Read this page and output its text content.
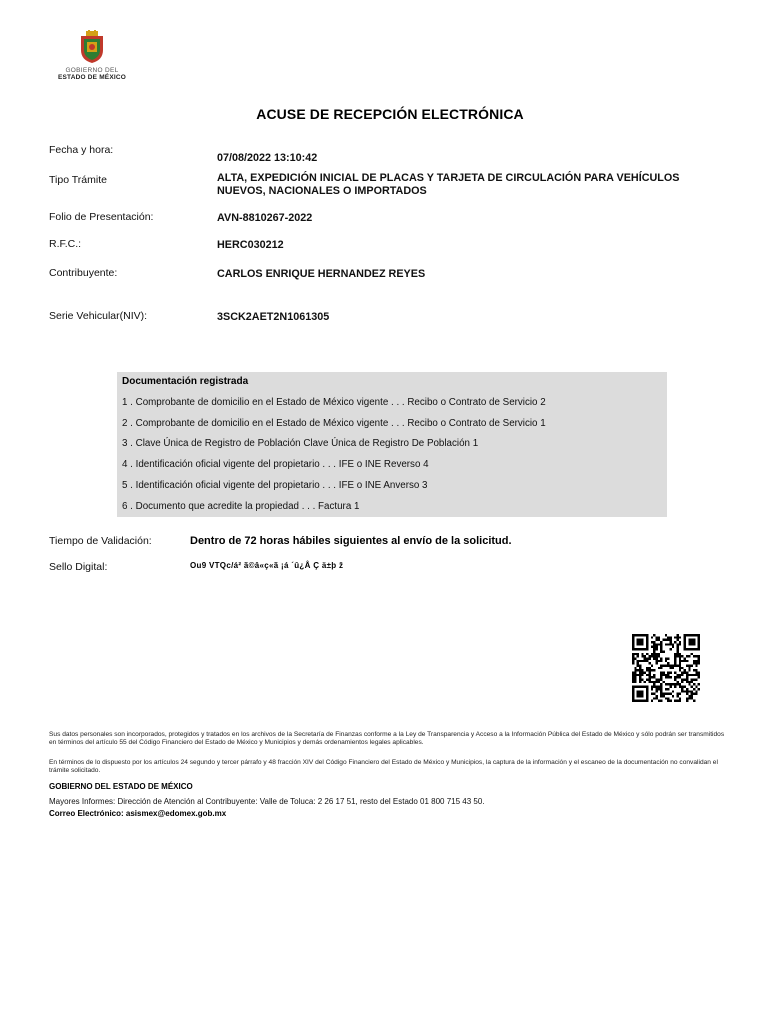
GOBIERNO DEL
ESTADO DE MÉXICO
ACUSE DE RECEPCIÓN ELECTRÓNICA
Fecha y hora:
07/08/2022 13:10:42
Tipo Trámite	ALTA, EXPEDICIÓN INICIAL DE PLACAS Y TARJETA DE CIRCULACIÓN PARA VEHÍCULOS NUEVOS, NACIONALES O IMPORTADOS
Folio de Presentación:	AVN-8810267-2022
R.F.C.:	HERC030212
Contribuyente:	CARLOS ENRIQUE HERNANDEZ REYES
Serie Vehicular(NIV):	3SCK2AET2N1061305
Documentación registrada
1 . Comprobante de domicilio en el Estado de México vigente . . . Recibo o Contrato de Servicio 2
2 . Comprobante de domicilio en el Estado de México vigente . . . Recibo o Contrato de Servicio 1
3 . Clave Única de Registro de Población Clave Única de Registro De Población 1
4 . Identificación oficial vigente del propietario . . . IFE o INE Reverso 4
5 . Identificación oficial vigente del propietario . . . IFE o INE Anverso 3
6 . Documento que acredite la propiedad . . . Factura 1
Tiempo de Validación:	Dentro de 72 horas hábiles siguientes al envío de la solicitud.
Sello Digital:	Ou9 VTQc/á² ã©â«ç«ã ¡á ´û¿Å Ç ä±þ ž
Sus datos personales son incorporados, protegidos y tratados en los archivos de la Secretaría de Finanzas conforme a la Ley de Transparencia y Acceso a la Información Pública del Estado de México y sólo podrán ser transmitidos en términos del artículo 55 del Código Financiero del Estado de México y Municipios y demás ordenamientos legales aplicables.
En términos de lo dispuesto por los artículos 24 segundo y tercer párrafo y 48 fracción XIV del Código Financiero del Estado de México y Municipios, la captura de la información y el escaneo de la documentación no convalidan el trámite solicitado.
GOBIERNO DEL ESTADO DE MÉXICO
Mayores Informes: Dirección de Atención al Contribuyente: Valle de Toluca: 2 26 17 51, resto del Estado 01 800 715 43 50.
Correo Electrónico: asismex@edomex.gob.mx
